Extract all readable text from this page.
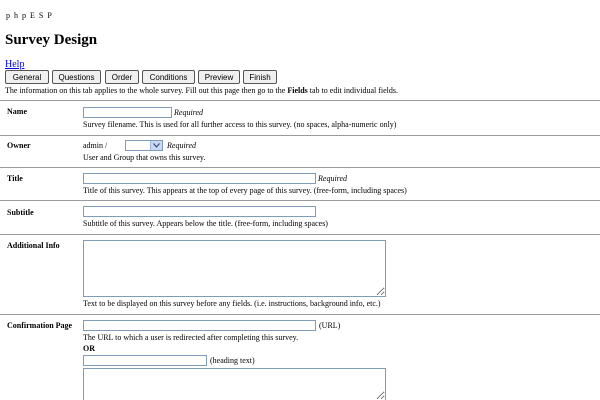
phpESP
Survey Design
Help
General	Questions	Order	Conditions	Preview	Finish
The information on this tab applies to the whole survey. Fill out this page then go to the Fields tab to edit individual fields.
Name	Required
Survey filename. This is used for all further access to this survey. (no spaces, alpha-numeric only)
Owner	admin /	Required
User and Group that owns this survey.
Title	Required
Title of this survey. This appears at the top of every page of this survey. (free-form, including spaces)
Subtitle
Subtitle of this survey. Appears below the title. (free-form, including spaces)
Additional Info
Text to be displayed on this survey before any fields. (i.e. instructions, background info, etc.)
Confirmation Page	(URL)
The URL to which a user is redirected after completing this survey.
OR
(heading text)
